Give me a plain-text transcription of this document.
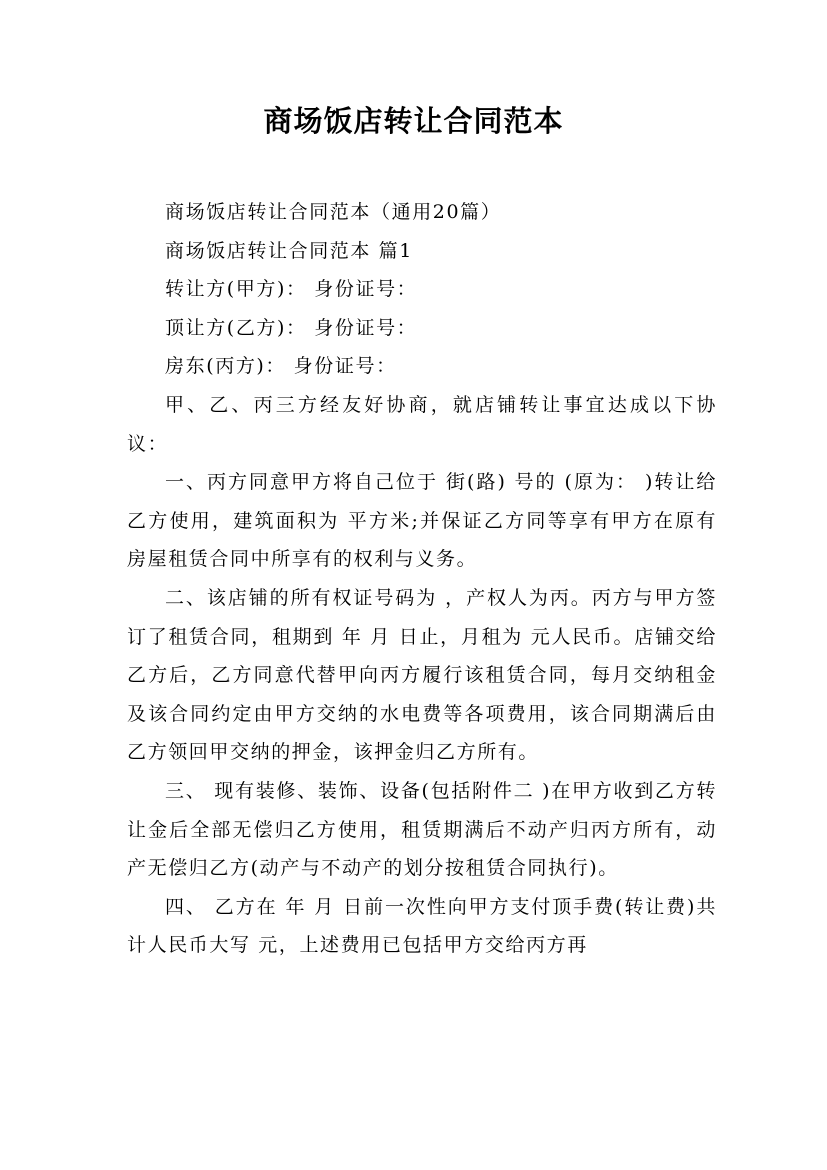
商场饭店转让合同范本

商场饭店转让合同范本（通用20篇）

商场饭店转让合同范本 篇1

转让方(甲方)： 身份证号：

顶让方(乙方)： 身份证号：

房东(丙方)： 身份证号：

甲、乙、丙三方经友好协商，就店铺转让事宜达成以下协议：

一、丙方同意甲方将自己位于 街(路) 号的 (原为： )转让给乙方使用，建筑面积为 平方米;并保证乙方同等享有甲方在原有房屋租赁合同中所享有的权利与义务。

二、该店铺的所有权证号码为 ，产权人为丙。丙方与甲方签订了租赁合同，租期到 年 月 日止，月租为 元人民币。店铺交给乙方后，乙方同意代替甲向丙方履行该租赁合同，每月交纳租金及该合同约定由甲方交纳的水电费等各项费用，该合同期满后由乙方领回甲交纳的押金，该押金归乙方所有。

三、 现有装修、装饰、设备(包括附件二 )在甲方收到乙方转让金后全部无偿归乙方使用，租赁期满后不动产归丙方所有，动产无偿归乙方(动产与不动产的划分按租赁合同执行)。

四、 乙方在 年 月 日前一次性向甲方支付顶手费(转让费)共计人民币大写 元，上述费用已包括甲方交给丙方再
